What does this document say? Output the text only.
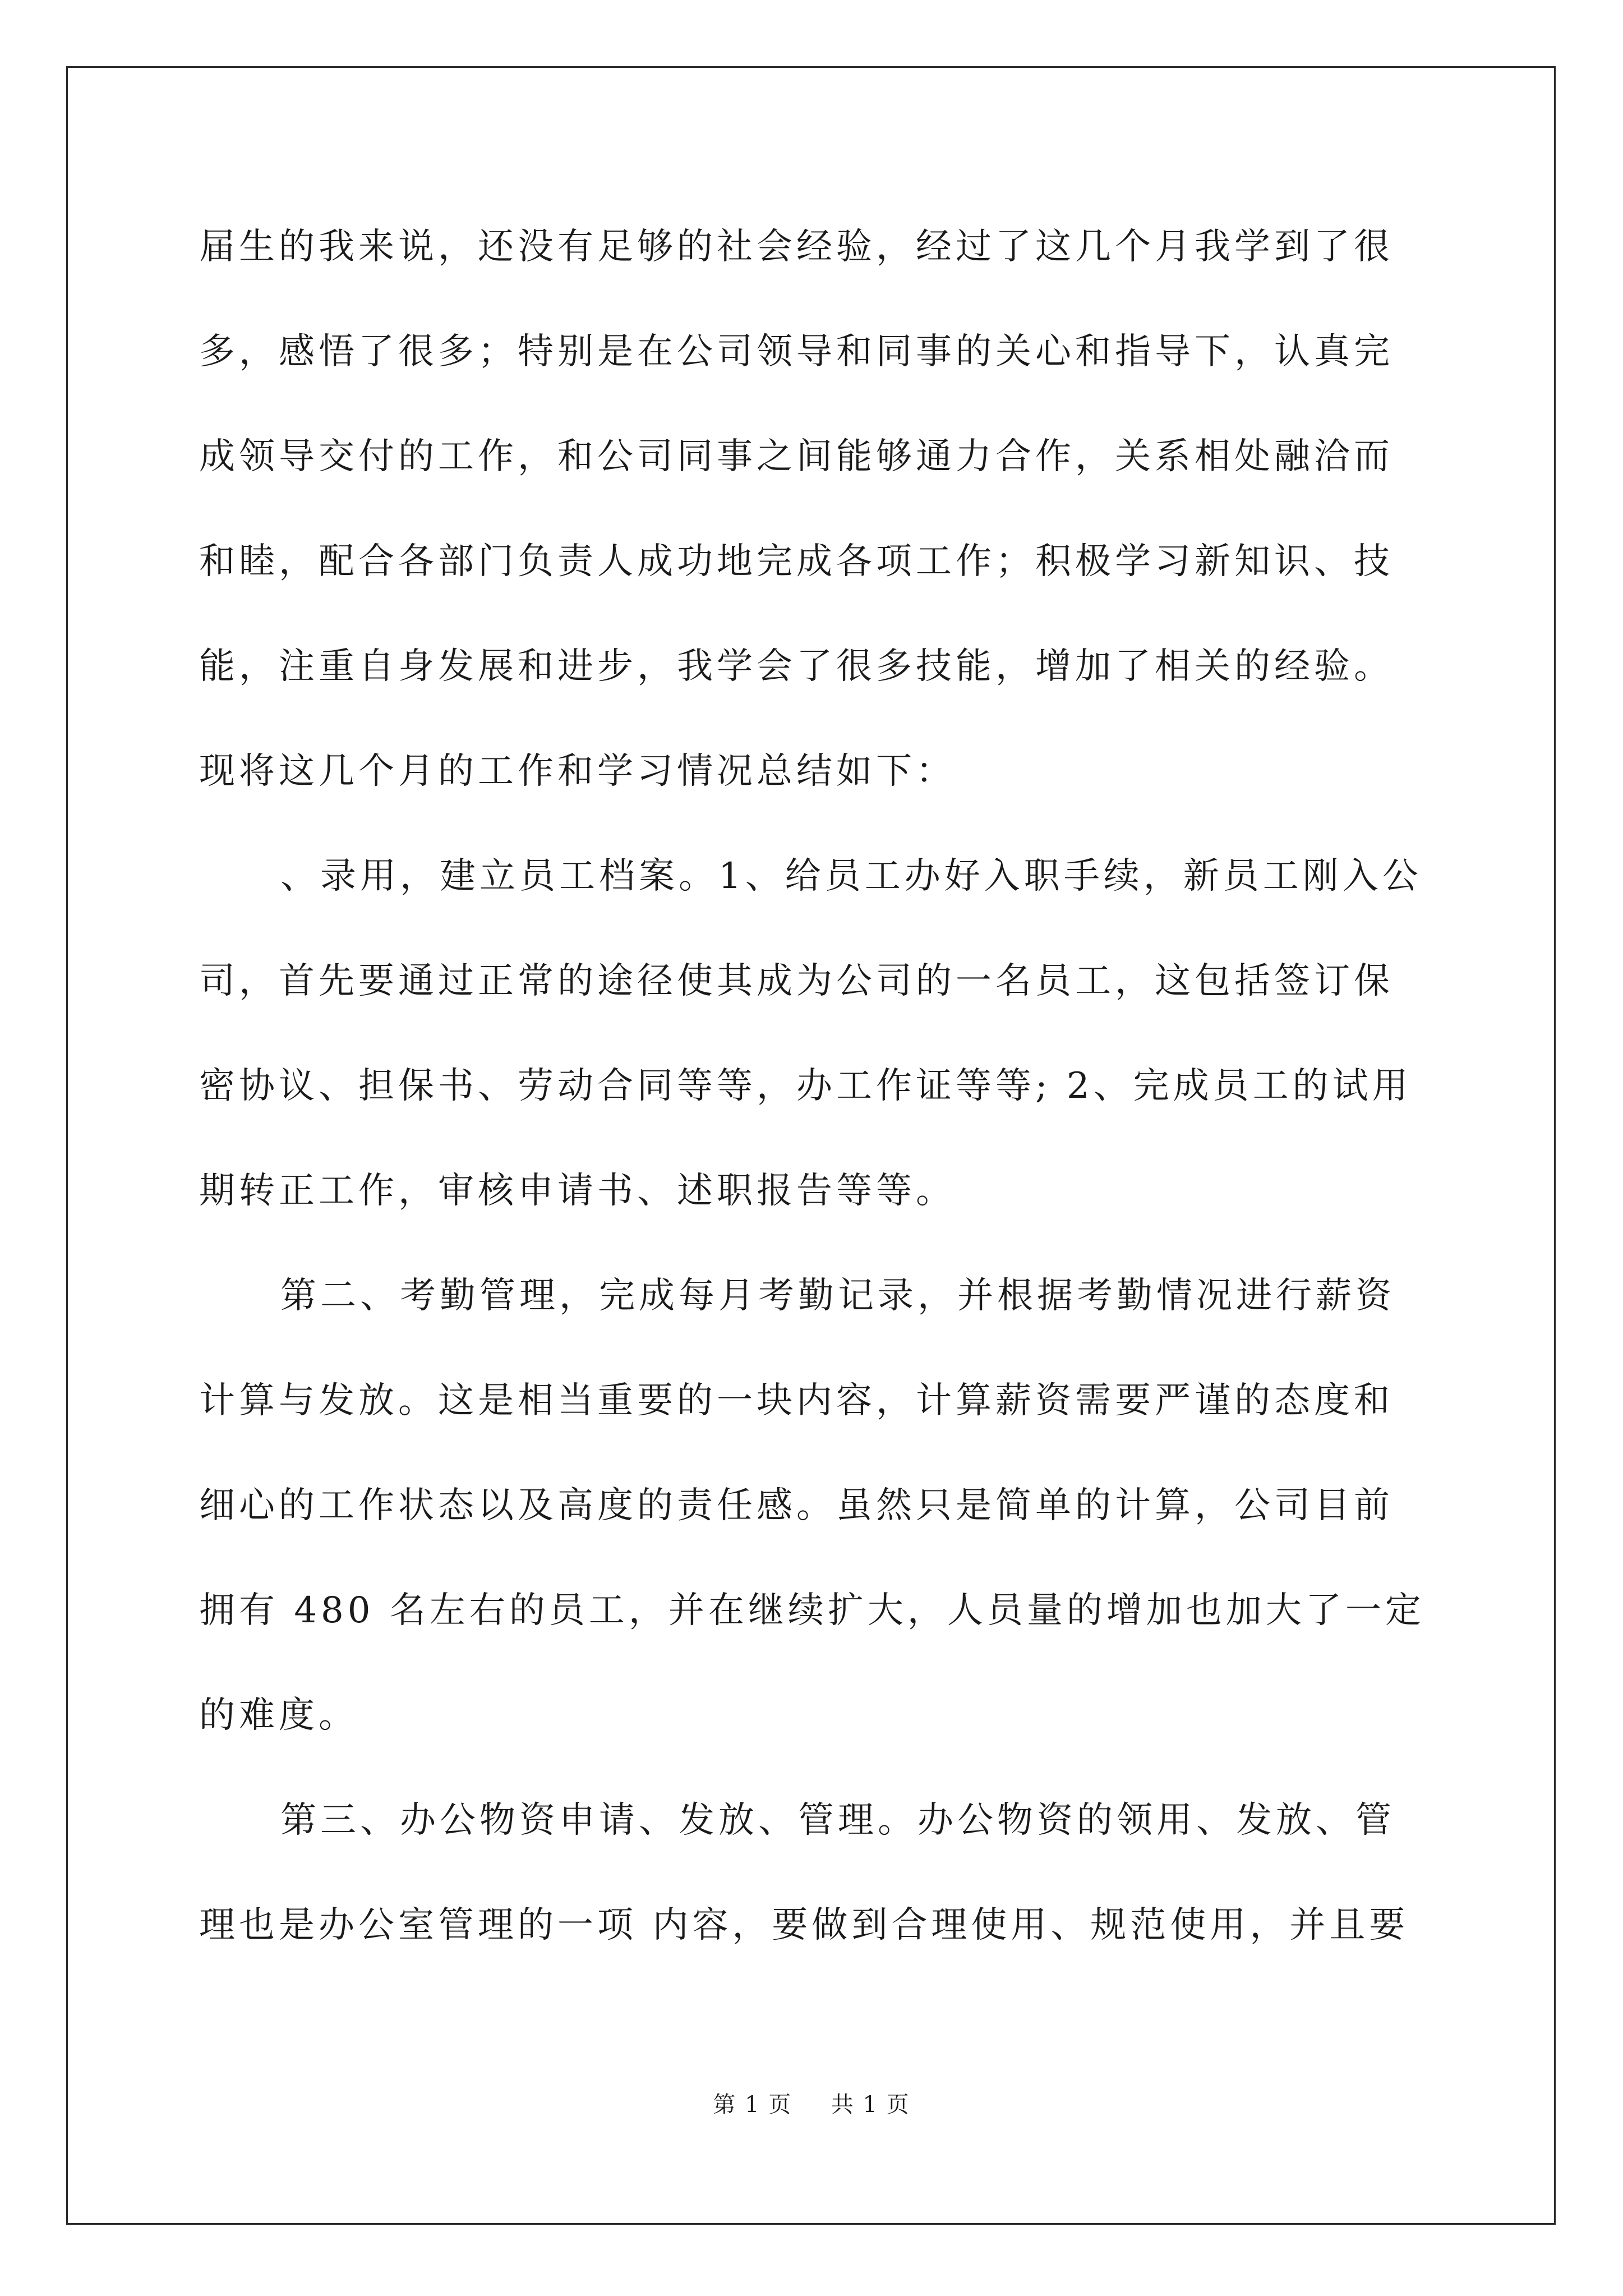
届生的我来说，还没有足够的社会经验，经过了这几个月我学到了很
多，感悟了很多；特别是在公司领导和同事的关心和指导下，认真完
成领导交付的工作，和公司同事之间能够通力合作，关系相处融洽而
和睦，配合各部门负责人成功地完成各项工作；积极学习新知识、技
能，注重自身发展和进步，我学会了很多技能，增加了相关的经验。
现将这几个月的工作和学习情况总结如下：
、录用，建立员工档案。1、给员工办好入职手续，新员工刚入公
司，首先要通过正常的途径使其成为公司的一名员工，这包括签订保
密协议、担保书、劳动合同等等，办工作证等等; 2、完成员工的试用
期转正工作，审核申请书、述职报告等等。
第二、考勤管理，完成每月考勤记录，并根据考勤情况进行薪资
计算与发放。这是相当重要的一块内容，计算薪资需要严谨的态度和
细心的工作状态以及高度的责任感。虽然只是简单的计算，公司目前
拥有 480 名左右的员工，并在继续扩大，人员量的增加也加大了一定
的难度。
第三、办公物资申请、发放、管理。办公物资的领用、发放、管
理也是办公室管理的一项 内容，要做到合理使用、规范使用，并且要
第 1 页 共 1 页
